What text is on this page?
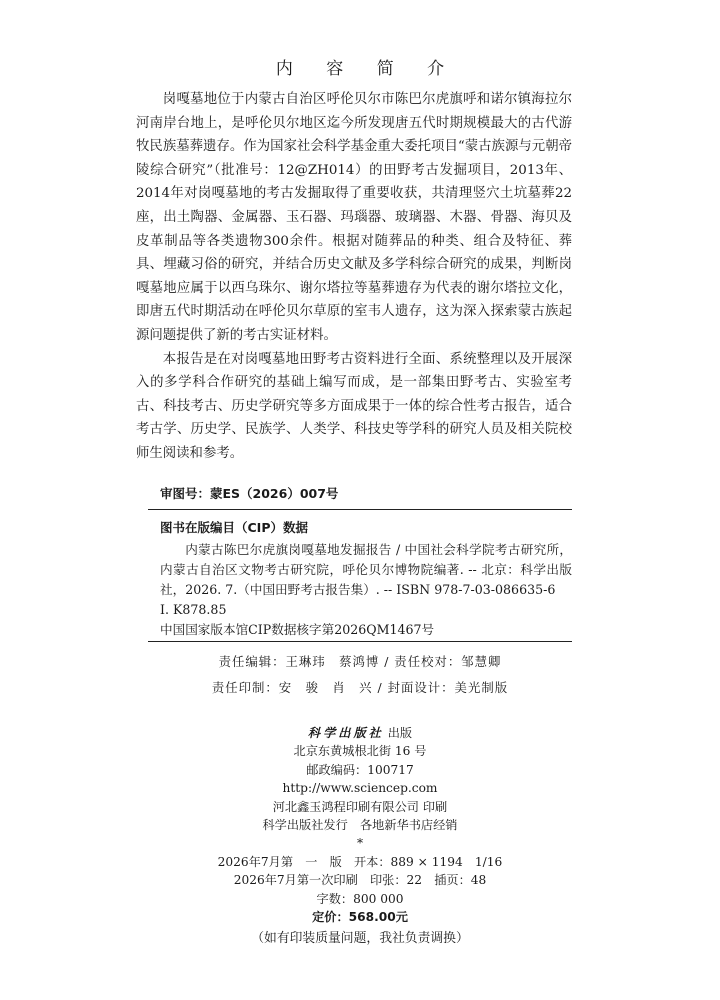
内 容 简 介

岗嘎墓地位于内蒙古自治区呼伦贝尔市陈巴尔虎旗呼和诺尔镇海拉尔河南岸台地上，是呼伦贝尔地区迄今所发现唐五代时期规模最大的古代游牧民族墓葬遗存。作为国家社会科学基金重大委托项目“蒙古族源与元朝帝陵综合研究”（批准号：12@ZH014）的田野考古发掘项目，2013年、2014年对岗嘎墓地的考古发掘取得了重要收获，共清理竖穴土坑墓葬22座，出土陶器、金属器、玉石器、玛瑙器、玻璃器、木器、骨器、海贝及皮革制品等各类遗物300余件。根据对随葬品的种类、组合及特征、葬具、埋藏习俗的研究，并结合历史文献及多学科综合研究的成果，判断岗嘎墓地应属于以西乌珠尔、谢尔塔拉等墓葬遗存为代表的谢尔塔拉文化，即唐五代时期活动在呼伦贝尔草原的室韦人遗存，这为深入探索蒙古族起源问题提供了新的考古实证材料。

本报告是在对岗嘎墓地田野考古资料进行全面、系统整理以及开展深入的多学科合作研究的基础上编写而成，是一部集田野考古、实验室考古、科技考古、历史学研究等多方面成果于一体的综合性考古报告，适合考古学、历史学、民族学、人类学、科技史等学科的研究人员及相关院校师生阅读和参考。

审图号：蒙ES（2026）007号
图书在版编目（CIP）数据

内蒙古陈巴尔虎旗岗嘎墓地发掘报告 / 中国社会科学院考古研究所，内蒙古自治区文物考古研究院，呼伦贝尔博物院编著. -- 北京：科学出版社，2026. 7.（中国田野考古报告集）. -- ISBN 978-7-03-086635-6

Ⅰ. K878.85

中国国家版本馆CIP数据核字第2026QM1467号

责任编辑：王琳玮　蔡鸿博 / 责任校对：邹慧卿
责任印制：安　骏　肖　兴 / 封面设计：美光制版

科学出版社 出版

北京东黄城根北街 16 号

邮政编码：100717

http://www.sciencep.com

河北鑫玉鸿程印刷有限公司 印刷

科学出版社发行　各地新华书店经销

*

2026年7月第　一　版　开本：889 × 1194　1/16

2026年7月第一次印刷　印张：22　插页：48

字数：800 000

定价：568.00元

（如有印装质量问题，我社负责调换）
